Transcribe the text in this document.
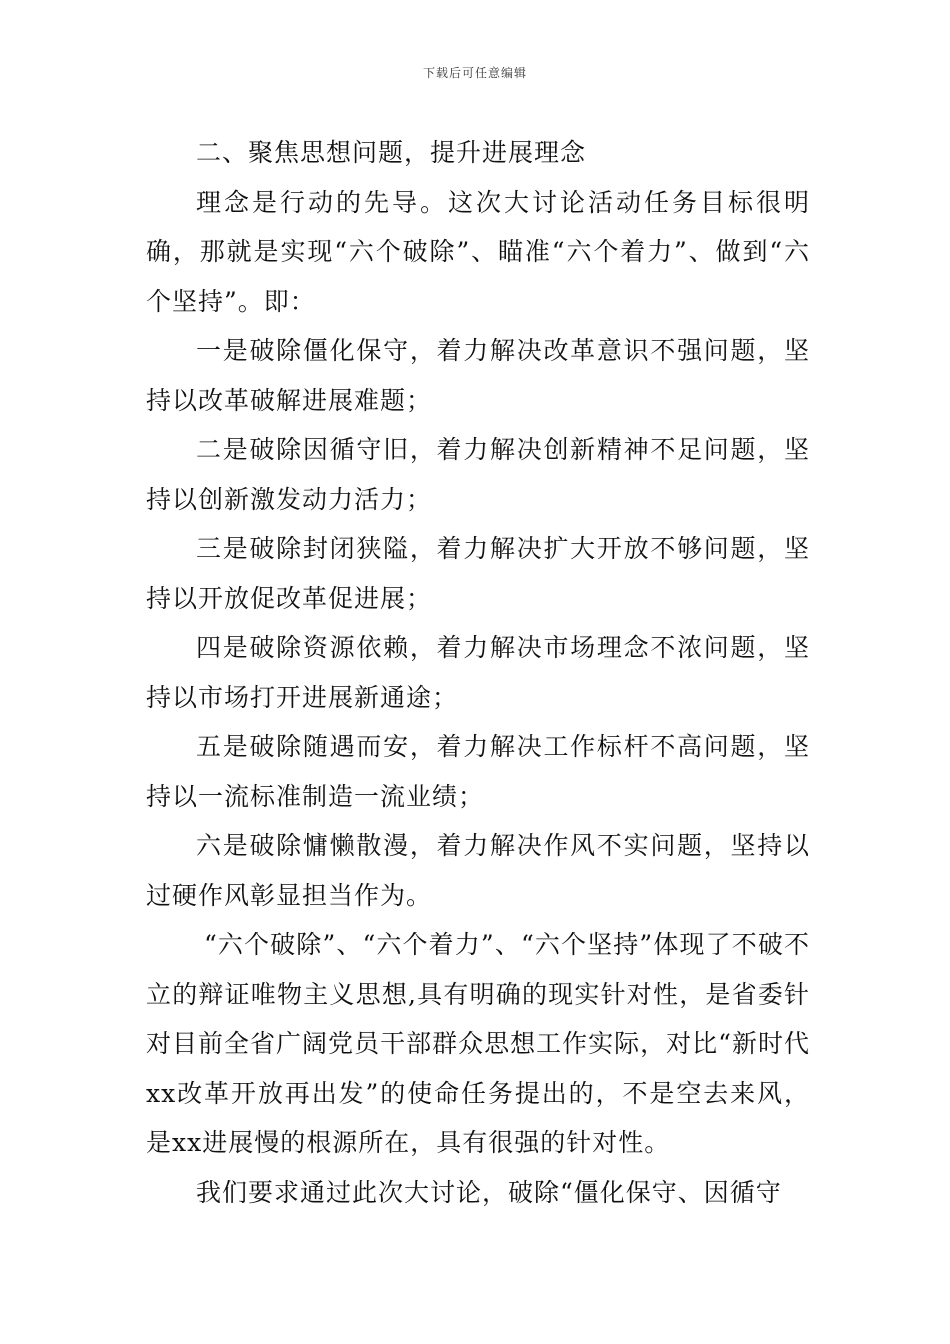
下载后可任意编辑

二、聚焦思想问题，提升进展理念

理念是行动的先导。这次大讨论活动任务目标很明确，那就是实现“六个破除”、瞄准“六个着力”、做到“六个坚持”。即：

一是破除僵化保守，着力解决改革意识不强问题，坚持以改革破解进展难题；

二是破除因循守旧，着力解决创新精神不足问题，坚持以创新激发动力活力；

三是破除封闭狭隘，着力解决扩大开放不够问题，坚持以开放促改革促进展；

四是破除资源依赖，着力解决市场理念不浓问题，坚持以市场打开进展新通途；

五是破除随遇而安，着力解决工作标杆不高问题，坚持以一流标准制造一流业绩；

六是破除慵懒散漫，着力解决作风不实问题，坚持以过硬作风彰显担当作为。

“六个破除”、“六个着力”、“六个坚持”体现了不破不立的辩证唯物主义思想,具有明确的现实针对性，是省委针对目前全省广阔党员干部群众思想工作实际，对比“新时代xx改革开放再出发”的使命任务提出的，不是空去来风，是xx进展慢的根源所在，具有很强的针对性。

我们要求通过此次大讨论，破除“僵化保守、因循守
